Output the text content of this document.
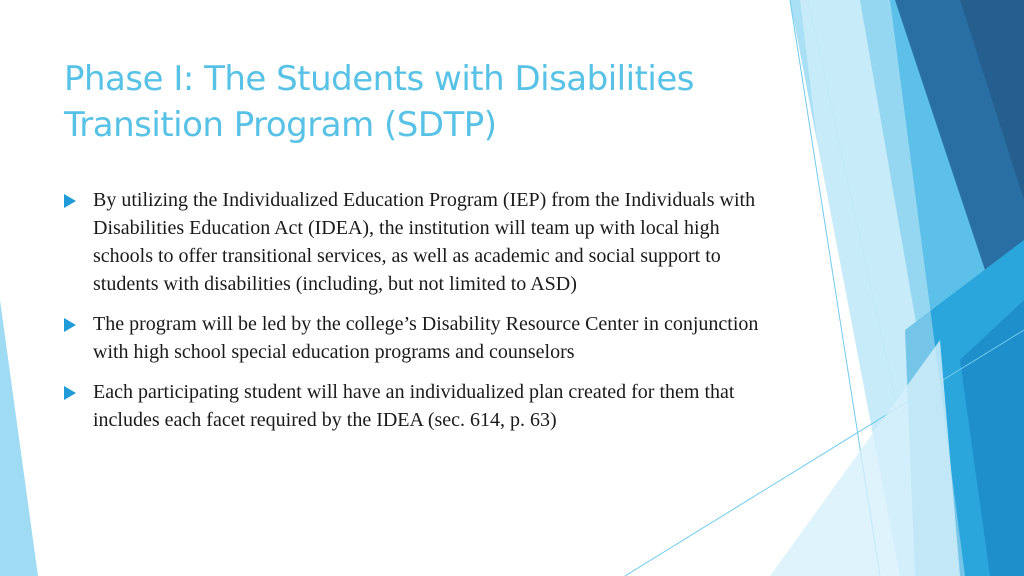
Phase I: The Students with Disabilities
Transition Program (SDTP)
By utilizing the Individualized Education Program (IEP) from the Individuals with Disabilities Education Act (IDEA), the institution will team up with local high schools to offer transitional services, as well as academic and social support to students with disabilities (including, but not limited to ASD)
The program will be led by the college’s Disability Resource Center in conjunction with high school special education programs and counselors
Each participating student will have an individualized plan created for them that includes each facet required by the IDEA (sec. 614, p. 63)
